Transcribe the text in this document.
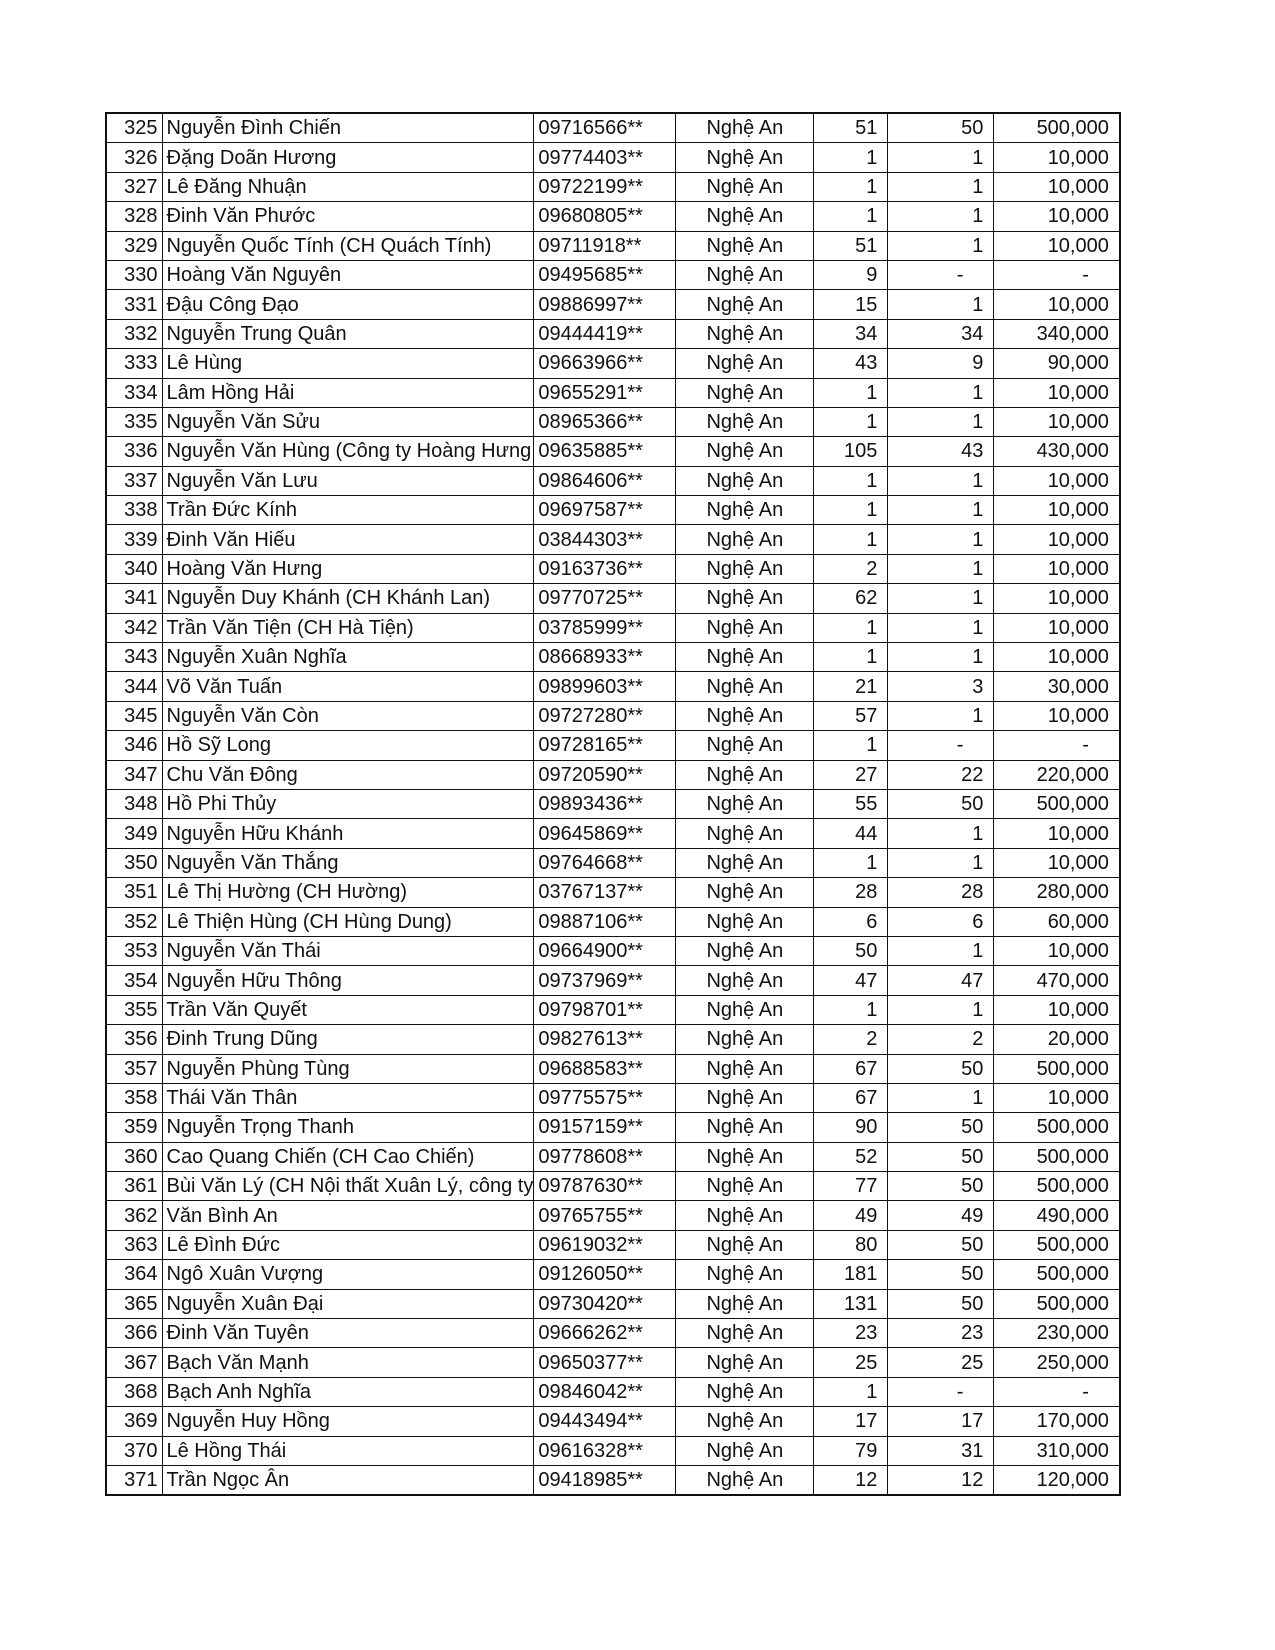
325	Nguyễn Đình Chiến	09716566**	Nghệ An	51	50	500,000
326	Đặng Doãn Hương	09774403**	Nghệ An	1	1	10,000
327	Lê Đăng Nhuận	09722199**	Nghệ An	1	1	10,000
328	Đinh Văn Phước	09680805**	Nghệ An	1	1	10,000
329	Nguyễn Quốc Tính (CH Quách Tính)	09711918**	Nghệ An	51	1	10,000
330	Hoàng Văn Nguyên	09495685**	Nghệ An	9	-	-
331	Đậu Công Đạo	09886997**	Nghệ An	15	1	10,000
332	Nguyễn Trung Quân	09444419**	Nghệ An	34	34	340,000
333	Lê Hùng	09663966**	Nghệ An	43	9	90,000
334	Lâm Hồng Hải	09655291**	Nghệ An	1	1	10,000
335	Nguyễn Văn Sửu	08965366**	Nghệ An	1	1	10,000
336	Nguyễn Văn Hùng (Công ty Hoàng Hưng	09635885**	Nghệ An	105	43	430,000
337	Nguyễn Văn Lưu	09864606**	Nghệ An	1	1	10,000
338	Trần Đức Kính	09697587**	Nghệ An	1	1	10,000
339	Đinh Văn Hiếu	03844303**	Nghệ An	1	1	10,000
340	Hoàng Văn Hưng	09163736**	Nghệ An	2	1	10,000
341	Nguyễn Duy Khánh (CH Khánh Lan)	09770725**	Nghệ An	62	1	10,000
342	Trần Văn Tiện (CH Hà Tiện)	03785999**	Nghệ An	1	1	10,000
343	Nguyễn Xuân Nghĩa	08668933**	Nghệ An	1	1	10,000
344	Võ Văn Tuấn	09899603**	Nghệ An	21	3	30,000
345	Nguyễn Văn Còn	09727280**	Nghệ An	57	1	10,000
346	Hồ Sỹ Long	09728165**	Nghệ An	1	-	-
347	Chu Văn Đông	09720590**	Nghệ An	27	22	220,000
348	Hồ Phi Thủy	09893436**	Nghệ An	55	50	500,000
349	Nguyễn Hữu Khánh	09645869**	Nghệ An	44	1	10,000
350	Nguyễn Văn Thắng	09764668**	Nghệ An	1	1	10,000
351	Lê Thị Hường (CH Hường)	03767137**	Nghệ An	28	28	280,000
352	Lê Thiện Hùng (CH Hùng Dung)	09887106**	Nghệ An	6	6	60,000
353	Nguyễn Văn Thái	09664900**	Nghệ An	50	1	10,000
354	Nguyễn Hữu Thông	09737969**	Nghệ An	47	47	470,000
355	Trần Văn Quyết	09798701**	Nghệ An	1	1	10,000
356	Đinh Trung Dũng	09827613**	Nghệ An	2	2	20,000
357	Nguyễn Phùng Tùng	09688583**	Nghệ An	67	50	500,000
358	Thái Văn Thân	09775575**	Nghệ An	67	1	10,000
359	Nguyễn Trọng Thanh	09157159**	Nghệ An	90	50	500,000
360	Cao Quang Chiến (CH Cao Chiến)	09778608**	Nghệ An	52	50	500,000
361	Bùi Văn Lý (CH Nội thất Xuân Lý, công ty	09787630**	Nghệ An	77	50	500,000
362	Văn Bình An	09765755**	Nghệ An	49	49	490,000
363	Lê Đình Đức	09619032**	Nghệ An	80	50	500,000
364	Ngô Xuân Vượng	09126050**	Nghệ An	181	50	500,000
365	Nguyễn Xuân Đại	09730420**	Nghệ An	131	50	500,000
366	Đinh Văn Tuyên	09666262**	Nghệ An	23	23	230,000
367	Bạch Văn Mạnh	09650377**	Nghệ An	25	25	250,000
368	Bạch Anh Nghĩa	09846042**	Nghệ An	1	-	-
369	Nguyễn Huy Hồng	09443494**	Nghệ An	17	17	170,000
370	Lê Hồng Thái	09616328**	Nghệ An	79	31	310,000
371	Trần Ngọc Ân	09418985**	Nghệ An	12	12	120,000
